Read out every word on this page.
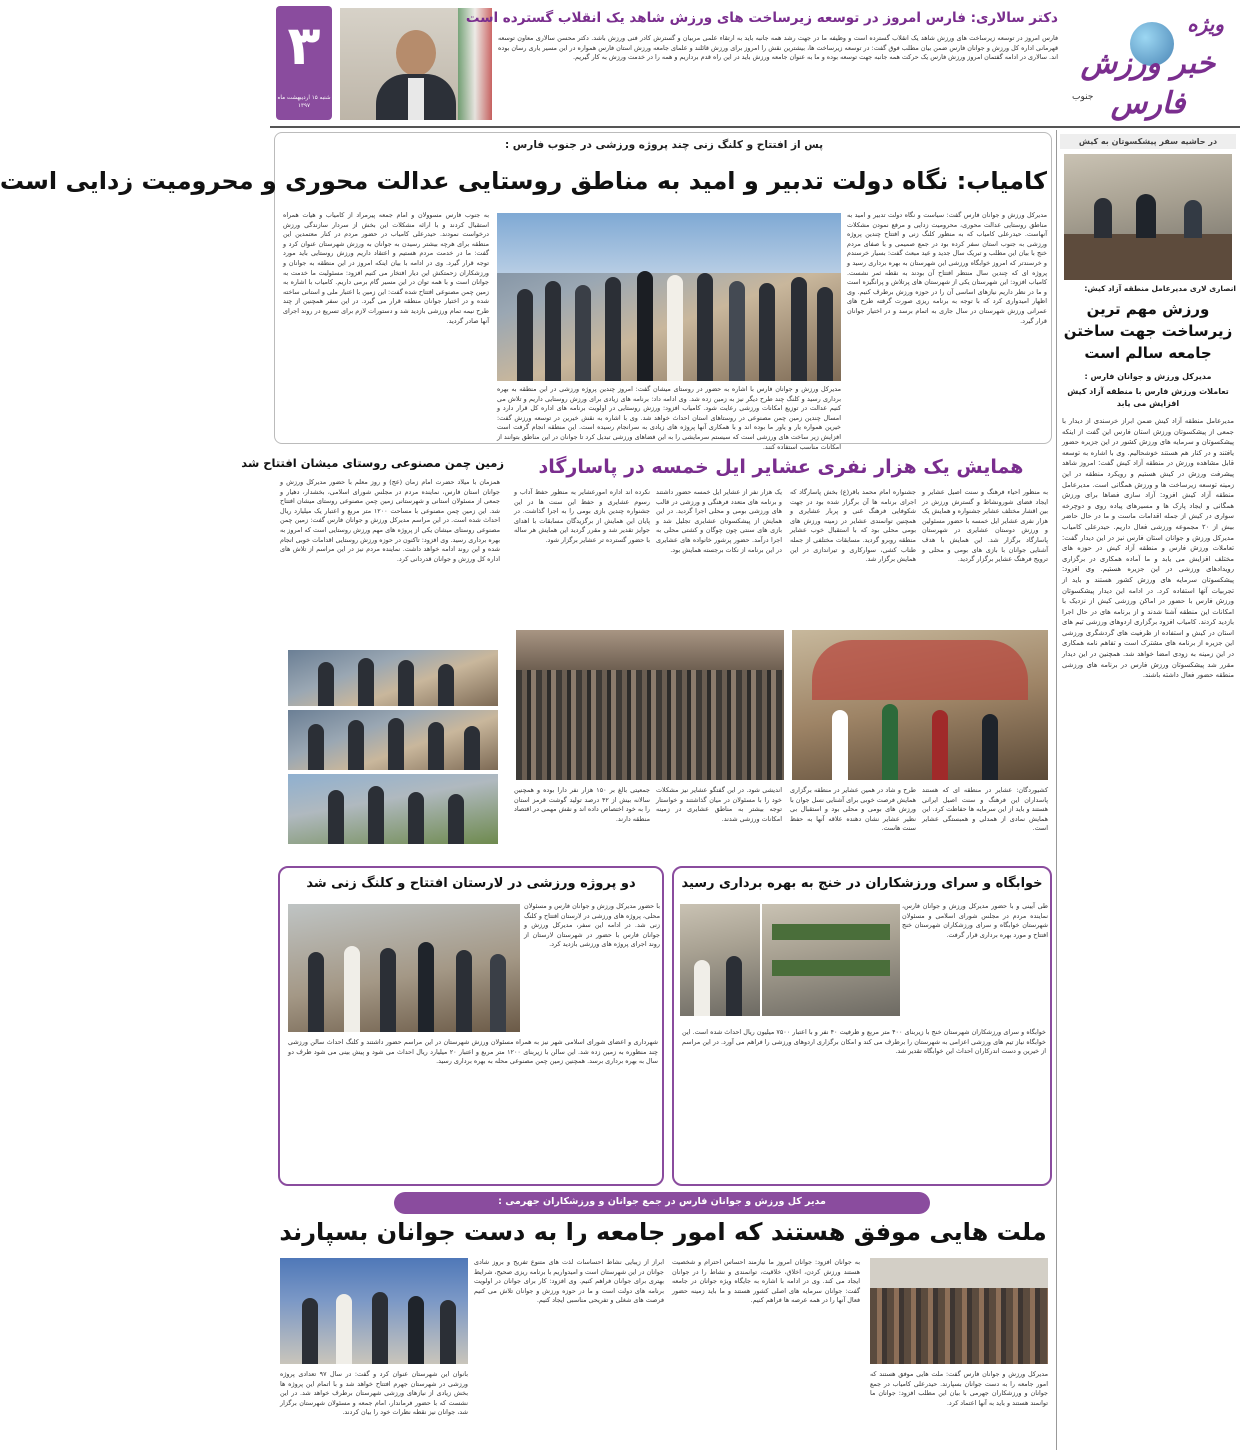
۳
شنبه ۱۵ اردیبهشت ماه ۱۳۹۷
دکتر سالاری: فارس امروز در توسعه زیرساخت های ورزش شاهد یک انقلاب گسترده است
فارس امروز در توسعه زیرساخت های ورزش شاهد یک انقلاب گسترده است و وظیفه ما در جهت رشد همه جانبه باید به ارتقاء علمی مربیان و گسترش کادر فنی ورزش باشد. دکتر محسن سالاری معاون توسعه قهرمانی اداره کل ورزش و جوانان فارس ضمن بیان مطلب فوق گفت: در توسعه زیرساخت ها، بیشترین نقش را امروز برای ورزش قائلند و علمای جامعه ورزش استان فارس همواره در این مسیر یاری رسان بوده اند. سالاری در ادامه گفتمان امروز ورزش فارس یک حرکت همه جانبه جهت توسعه بوده و ما به عنوان جامعه ورزش باید در این راه قدم برداریم و همه را در خدمت ورزش به کار گیریم.
ویژه
خبر ورزش فارس
جنوب
در حاشیه سفر پیشکسوتان به کیش
انصاری لاری مدیرعامل منطقه آزاد کیش:
ورزش مهم ترین زیرساخت جهت ساختن جامعه سالم است
مدیرکل ورزش و جوانان فارس :
تعاملات ورزش فارس با منطقه آزاد کیش افزایش می یابد
مدیرعامل منطقه آزاد کیش ضمن ابراز خرسندی از دیدار با جمعی از پیشکسوتان ورزش استان فارس این گفت از اینکه پیشکسوتان و سرمایه های ورزش کشور در این جزیره حضور یافتند و در کنار هم هستند خوشحالیم. وی با اشاره به توسعه قابل مشاهده ورزش در منطقه آزاد کیش گفت: امروز شاهد پیشرفت ورزش در کیش هستیم و رویکرد منطقه در این زمینه توسعه زیرساخت ها و ورزش همگانی است. مدیرعامل منطقه آزاد کیش افزود: آزاد سازی فضاها برای ورزش همگانی و ایجاد پارک ها و مسیرهای پیاده روی و دوچرخه سواری در کیش از جمله اقدامات ماست و ما در حال حاضر بیش از ۲۰ مجموعه ورزشی فعال داریم. حیدرعلی کامیاب مدیرکل ورزش و جوانان استان فارس نیز در این دیدار گفت: تعاملات ورزش فارس و منطقه آزاد کیش در حوزه های مختلف افزایش می یابد و ما آماده همکاری در برگزاری رویدادهای ورزشی در این جزیره هستیم. وی افزود: پیشکسوتان سرمایه های ورزش کشور هستند و باید از تجربیات آنها استفاده کرد. در ادامه این دیدار پیشکسوتان ورزش فارس با حضور در اماکن ورزشی کیش از نزدیک با امکانات این منطقه آشنا شدند و از برنامه های در حال اجرا بازدید کردند. کامیاب افزود برگزاری اردوهای ورزشی تیم های استان در کیش و استفاده از ظرفیت های گردشگری ورزشی این جزیره از برنامه های مشترک است و تفاهم نامه همکاری در این زمینه به زودی امضا خواهد شد. همچنین در این دیدار مقرر شد پیشکسوتان ورزش فارس در برنامه های ورزشی منطقه حضور فعال داشته باشند.
پس از افتتاح و کلنگ زنی چند پروژه ورزشی در جنوب فارس :
کامیاب: نگاه دولت تدبیر و امید به مناطق روستایی عدالت محوری و محرومیت زدایی است
مدیرکل ورزش و جوانان فارس گفت: سیاست و نگاه دولت تدبیر و امید به مناطق روستایی عدالت محوری، محرومیت زدایی و مرفع نمودن مشکلات آنهاست. حیدرعلی کامیاب که به منظور کلنگ زنی و افتتاح چندین پروژه ورزشی به جنوب استان سفر کرده بود در جمع صمیمی و با صفای مردم خنج با بیان این مطلب و تبریک سال جدید و عید مبعث گفت: بسیار خرسندم و خرسندتر که امروز خوابگاه ورزشی این شهرستان به بهره برداری رسید و پروژه ای که چندین سال منتظر افتتاح آن بودند به نقطه ثمر نشست. کامیاب افزود: این شهرستان یکی از شهرستان های پرتلاش و پرانگیزه است و ما در نظر داریم نیازهای اساسی آن را در حوزه ورزش برطرف کنیم. وی اظهار امیدواری کرد که با توجه به برنامه ریزی صورت گرفته طرح های عمرانی ورزش شهرستان در سال جاری به اتمام برسد و در اختیار جوانان قرار گیرد.
مدیرکل ورزش و جوانان فارس با اشاره به حضور در روستای میشان گفت: امروز چندین پروژه ورزشی در این منطقه به بهره برداری رسید و کلنگ چند طرح دیگر نیز به زمین زده شد. وی ادامه داد: برنامه های زیادی برای ورزش روستایی داریم و تلاش می کنیم عدالت در توزیع امکانات ورزشی رعایت شود. کامیاب افزود: ورزش روستایی در اولویت برنامه های اداره کل قرار دارد و امسال چندین زمین چمن مصنوعی در روستاهای استان احداث خواهد شد. وی با اشاره به نقش خیرین در توسعه ورزش گفت: خیرین همواره یار و یاور ما بوده اند و با همکاری آنها پروژه های زیادی به سرانجام رسیده است. این منطقه انجام گرفت است افزایش زیر ساخت های ورزشی است که سیستم سرمایشی را به این فضاهای ورزشی تبدیل کرد تا جوانان در این مناطق بتوانند از امکانات مناسب استفاده کنند.
به جنوب فارس مسوولان و امام جمعه پیرمراد از کامیاب و هیات همراه استقبال کردند و با ارائه مشکلات این بخش از سردار سازندگی ورزش درخواست نمودند. حیدرعلی کامیاب در حضور مردم در کنار معتمدین این منطقه برای هرچه بیشتر رسیدن به جوانان به ورزش شهرستان عنوان کرد و گفت: ما در خدمت مردم هستیم و اعتقاد داریم ورزش روستایی باید مورد توجه قرار گیرد. وی در ادامه با بیان اینکه امروز در این منطقه به جوانان و ورزشکاران زحمتکش این دیار افتخار می کنیم افزود: مسئولیت ما خدمت به جوانان است و با همه توان در این مسیر گام برمی داریم. کامیاب با اشاره به زمین چمن مصنوعی افتتاح شده گفت: این زمین با اعتبار ملی و استانی ساخته شده و در اختیار جوانان منطقه قرار می گیرد. در این سفر همچنین از چند طرح نیمه تمام ورزشی بازدید شد و دستورات لازم برای تسریع در روند اجرای آنها صادر گردید.
زمین چمن مصنوعی روستای میشان افتتاح شد
همزمان با میلاد حضرت امام زمان (عج) و روز معلم با حضور مدیرکل ورزش و جوانان استان فارس، نماینده مردم در مجلس شورای اسلامی، بخشدار، دهیار و جمعی از مسئولان استانی و شهرستانی زمین چمن مصنوعی روستای میشان افتتاح شد. این زمین چمن مصنوعی با مساحت ۱۲۰۰ متر مربع و اعتبار یک میلیارد ریال احداث شده است. در این مراسم مدیرکل ورزش و جوانان فارس گفت: زمین چمن مصنوعی روستای میشان یکی از پروژه های مهم ورزش روستایی است که امروز به بهره برداری رسید. وی افزود: تاکنون در حوزه ورزش روستایی اقدامات خوبی انجام شده و این روند ادامه خواهد داشت. نماینده مردم نیز در این مراسم از تلاش های اداره کل ورزش و جوانان قدردانی کرد.
همایش یک هزار نفری عشایر ایل خمسه در پاسارگاد
به منظور احیاء فرهنگ و سنت اصیل عشایر و ایجاد فضای شورونشاط و گسترش ورزش در بین اقشار مختلف عشایر جشنواره و همایش یک هزار نفری عشایر ایل خمسه با حضور مسئولین و ورزش دوستان عشایری در شهرستان پاسارگاد برگزار شد. این همایش با هدف آشنایی جوانان با بازی های بومی و محلی و ترویج فرهنگ عشایر برگزار گردید.
جشنواره امام محمد باقر(ع) بخش پاسارگاد که اجرای برنامه ها آن برگزار شده بود در جهت شکوفایی فرهنگ غنی و پربار عشایری و همچنین توانمندی عشایر در زمینه ورزش های بومی محلی بود که با استقبال خوب عشایر منطقه روبرو گردید. مسابقات مختلفی از جمله طناب کشی، سوارکاری و تیراندازی در این همایش برگزار شد.
یک هزار نفر از عشایر ایل خمسه حضور داشتند و برنامه های متعدد فرهنگی و ورزشی در قالب های ورزشی بومی و محلی اجرا گردید. در این همایش از پیشکسوتان عشایری تجلیل شد و بازی های سنتی چون چوگان و کشتی محلی به اجرا درآمد. حضور پرشور خانواده های عشایری در این برنامه از نکات برجسته همایش بود.
نکرده اند اداره امورعشایر به منظور حفظ آداب و رسوم عشایری و حفظ این سنت ها در این جشنواره چندین بازی بومی را به اجرا گذاشت. در پایان این همایش از برگزیدگان مسابقات با اهدای جوایز تقدیر شد و مقرر گردید این همایش هر ساله با حضور گسترده تر عشایر برگزار شود.
کشیوردگان: عشایر در منطقه ای که هستند پاسداران این فرهنگ و سنت اصیل ایرانی هستند و باید از این سرمایه ها حفاظت کرد. این همایش نمادی از همدلی و همبستگی عشایر است.
طرح و شاد در همین عشایر در منطقه برگزاری همایش فرصت خوبی برای آشنایی نسل جوان با ورزش های بومی و محلی بود و استقبال بی نظیر عشایر نشان دهنده علاقه آنها به حفظ سنت هاست.
اندیشی شود. در این گفتگو عشایر نیز مشکلات خود را با مسئولان در میان گذاشتند و خواستار توجه بیشتر به مناطق عشایری در زمینه امکانات ورزشی شدند.
جمعیتی بالغ بر ۱۵۰ هزار نفر دارا بوده و همچنین سالانه بیش از ۴۲ درصد تولید گوشت قرمز استان را به خود اختصاص داده اند و نقش مهمی در اقتصاد منطقه دارند.
خوابگاه و سرای ورزشکاران در خنج به بهره برداری رسید
طی آیینی و با حضور مدیرکل ورزش و جوانان فارس، نماینده مردم در مجلس شورای اسلامی و مسئولان شهرستان خوابگاه و سرای ورزشکاران شهرستان خنج افتتاح و مورد بهره برداری قرار گرفت.
خوابگاه و سرای ورزشکاران شهرستان خنج با زیربنای ۴۰۰ متر مربع و ظرفیت ۴۰ نفر و با اعتبار ۷۵۰۰ میلیون ریال احداث شده است. این خوابگاه نیاز تیم های ورزشی اعزامی به شهرستان را برطرف می کند و امکان برگزاری اردوهای ورزشی را فراهم می آورد. در این مراسم از خیرین و دست اندرکاران احداث این خوابگاه تقدیر شد.
دو پروژه ورزشی در لارستان افتتاح و کلنگ زنی شد
با حضور مدیرکل ورزش و جوانان فارس و مسئولان محلی، پروژه های ورزشی در لارستان افتتاح و کلنگ زنی شد. در ادامه این سفر، مدیرکل ورزش و جوانان فارس با حضور در شهرستان لارستان از روند اجرای پروژه های ورزشی بازدید کرد.
شهرداری و اعضای شورای اسلامی شهر نیز به همراه مسئولان ورزش شهرستان در این مراسم حضور داشتند و کلنگ احداث سالن ورزشی چند منظوره به زمین زده شد. این سالن با زیربنای ۱۲۰۰ متر مربع و اعتبار ۲۰ میلیارد ریال احداث می شود و پیش بینی می شود ظرف دو سال به بهره برداری برسد. همچنین زمین چمن مصنوعی محله به بهره برداری رسید.
مدیر کل ورزش و جوانان فارس در جمع جوانان و ورزشکاران جهرمی :
ملت هایی موفق هستند که امور جامعه را به دست جوانان بسپارند
به جوانان افزود: جوانان امروز ما نیازمند احساس احترام و شخصیت هستند ورزش کردن، اخلاق، خلاقیت، توانمندی و نشاط را در جوانان ایجاد می کند. وی در ادامه با اشاره به جایگاه ویژه جوانان در جامعه گفت: جوانان سرمایه های اصلی کشور هستند و ما باید زمینه حضور فعال آنها را در همه عرصه ها فراهم کنیم.
مدیرکل ورزش و جوانان فارس گفت: ملت هایی موفق هستند که امور جامعه را به دست جوانان بسپارند. حیدرعلی کامیاب در جمع جوانان و ورزشکاران جهرمی با بیان این مطلب افزود: جوانان ما توانمند هستند و باید به آنها اعتماد کرد.
ابراز از زیبایی نشاط احساسات لذت های متنوع تفریح و بروز شادی جوانان در این شهرستان است و امیدواریم با برنامه ریزی صحیح، شرایط بهتری برای جوانان فراهم کنیم. وی افزود: کار برای جوانان در اولویت برنامه های دولت است و ما در حوزه ورزش و جوانان تلاش می کنیم فرصت های شغلی و تفریحی مناسبی ایجاد کنیم.
بانوان این شهرستان عنوان کرد و گفت: در سال ۹۷ تعدادی پروژه ورزشی در شهرستان جهرم افتتاح خواهد شد و با اتمام این پروژه ها بخش زیادی از نیازهای ورزشی شهرستان برطرف خواهد شد. در این نشست که با حضور فرماندار، امام جمعه و مسئولان شهرستان برگزار شد، جوانان نیز نقطه نظرات خود را بیان کردند.
